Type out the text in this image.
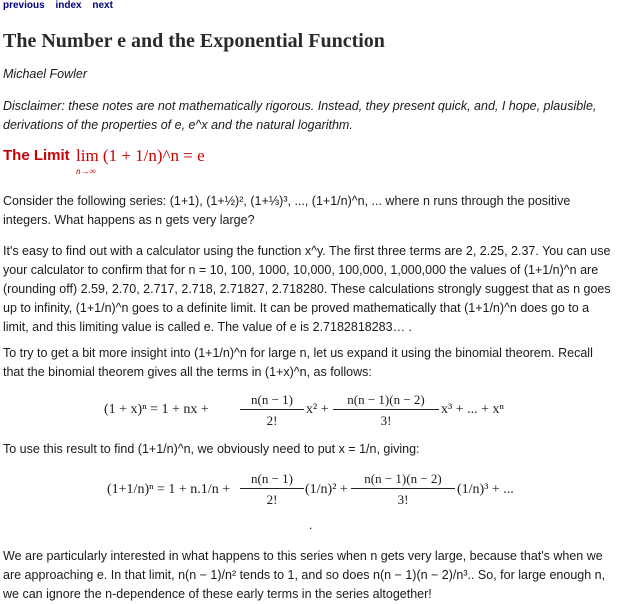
previous index next
The Number e and the Exponential Function
Michael Fowler
Disclaimer: these notes are not mathematically rigorous. Instead, they present quick, and, I hope, plausible, derivations of the properties of e, e^x and the natural logarithm.
The Limit lim (1 + 1/n)^n = e
n→∞
Consider the following series: (1+1), (1+½)², (1+⅓)³, ..., (1+1/n)^n, ... where n runs through the positive integers. What happens as n gets very large?
It's easy to find out with a calculator using the function x^y. The first three terms are 2, 2.25, 2.37. You can use your calculator to confirm that for n = 10, 100, 1000, 10,000, 100,000, 1,000,000 the values of (1+1/n)^n are (rounding off) 2.59, 2.70, 2.717, 2.718, 2.71827, 2.718280. These calculations strongly suggest that as n goes up to infinity, (1+1/n)^n goes to a definite limit. It can be proved mathematically that (1+1/n)^n does go to a limit, and this limiting value is called e. The value of e is 2.7182818283… .
To try to get a bit more insight into (1+1/n)^n for large n, let us expand it using the binomial theorem. Recall that the binomial theorem gives all the terms in (1+x)^n, as follows:
(1 + x)ⁿ = 1 + nx + $\frac{n(n - 1)}{2!} x^2 + \frac{n(n - 1)(n - 2)}{3!} x^3$ + ... + xⁿ
To use this result to find (1+1/n)^n, we obviously need to put x = 1/n, giving:
$(1+1/n)^n = 1 + n.1/n + \frac{n(n - 1)}{2!} (1/n)^2 + \frac{n(n - 1)(n - 2)}{3!} (1/n)^3$ + ...
.
We are particularly interested in what happens to this series when n gets very large, because that's when we are approaching e. In that limit, n(n − 1)/n² tends to 1, and so does n(n − 1)(n − 2)/n³.. So, for large enough n, we can ignore the n-dependence of these early terms in the series altogether!
